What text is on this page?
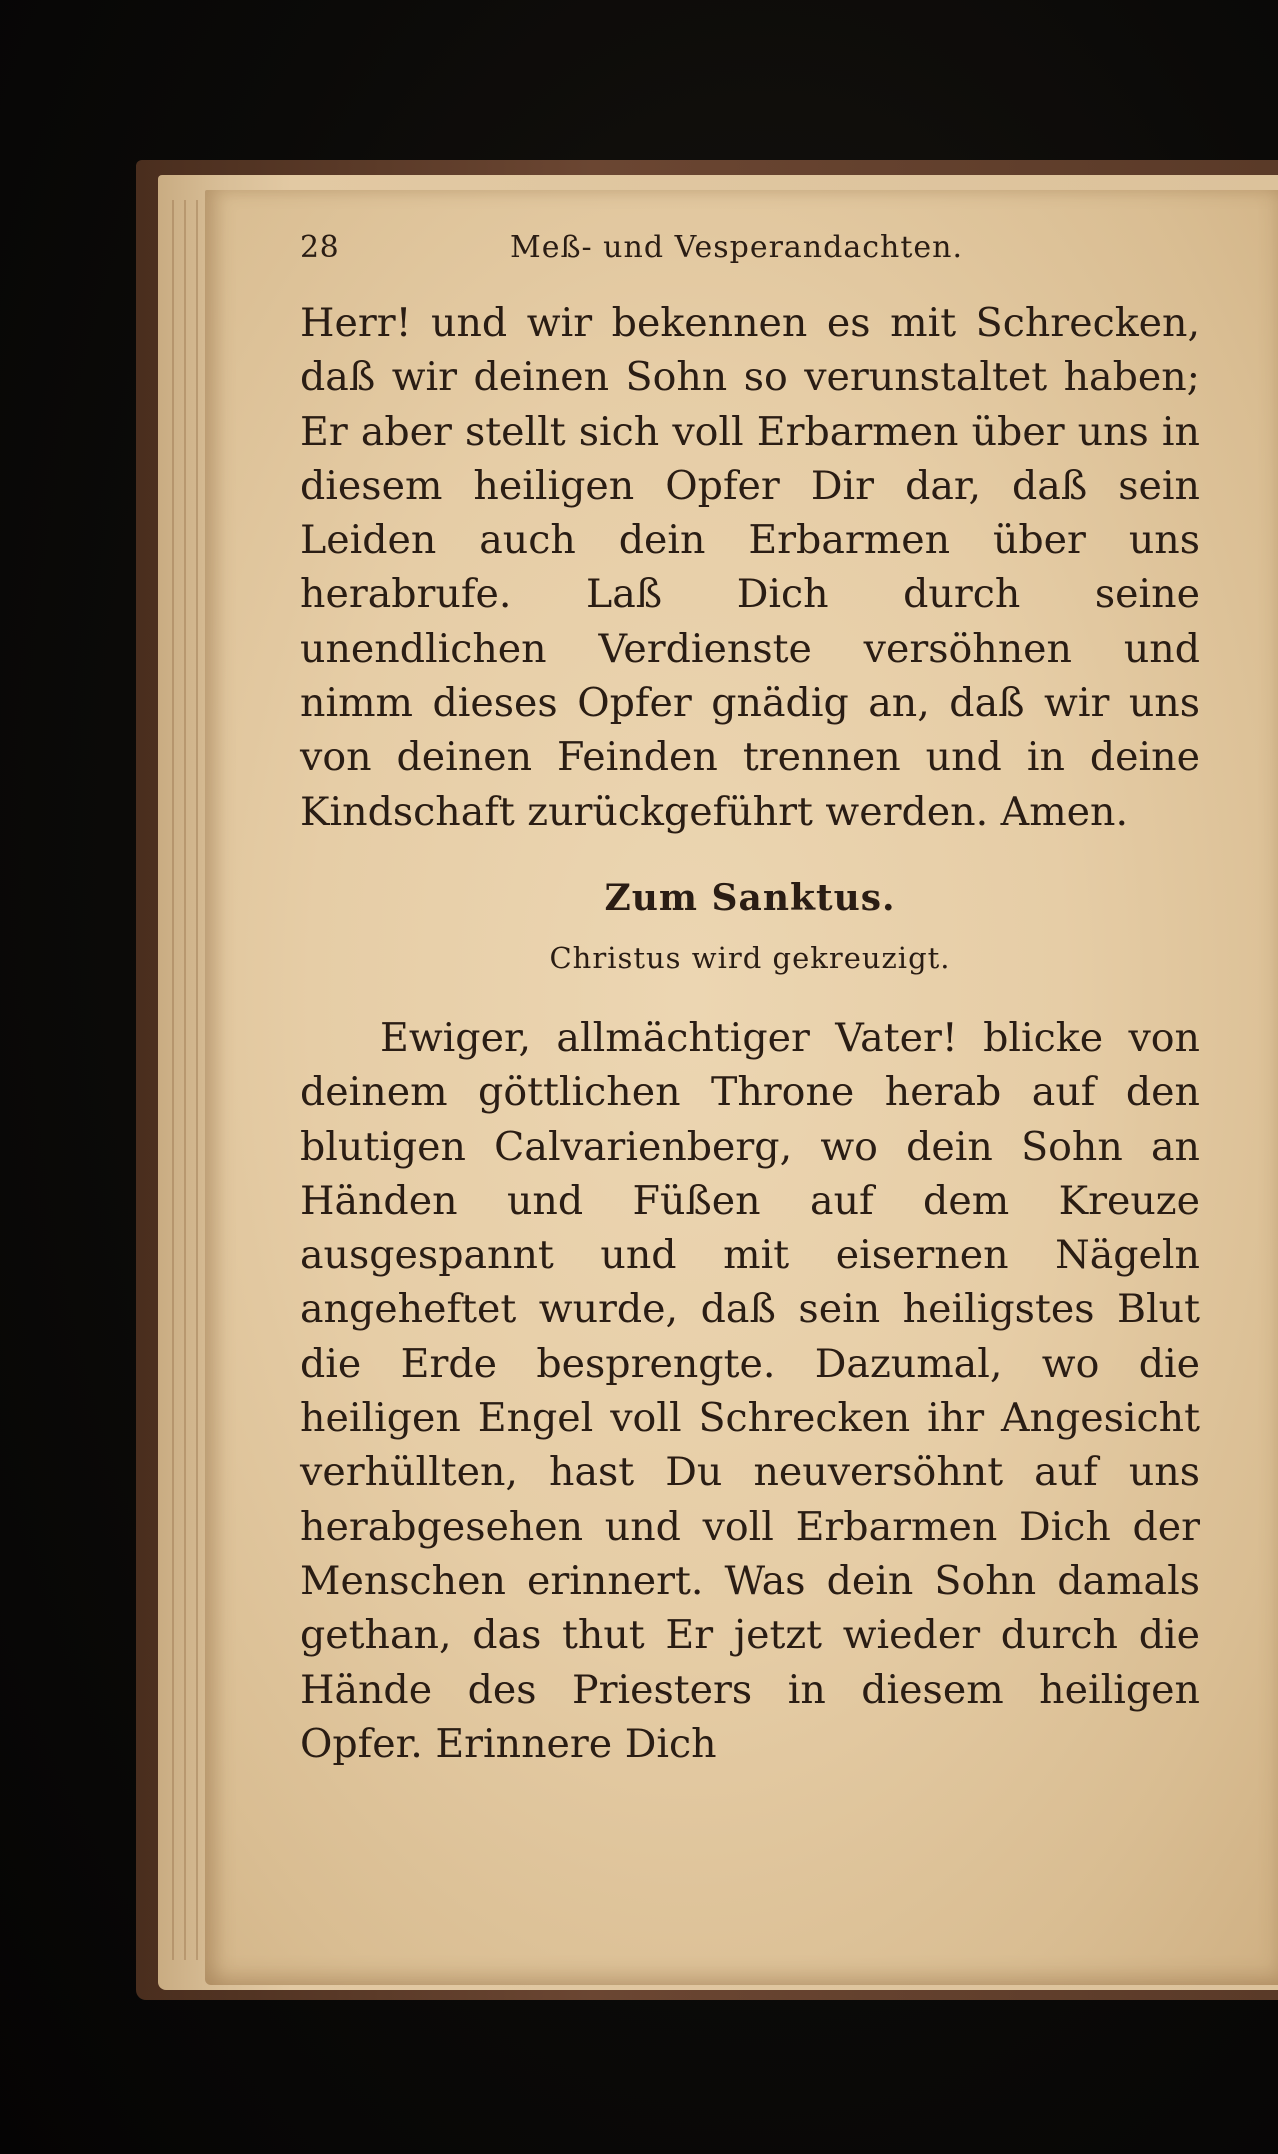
28	Meß- und Vesperandachten.

Herr! und wir bekennen es mit Schrecken, daß wir deinen Sohn so verunstaltet haben; Er aber stellt sich voll Erbarmen über uns in diesem heiligen Opfer Dir dar, daß sein Leiden auch dein Erbarmen über uns herabrufe. Laß Dich durch seine unendlichen Verdienste versöhnen und nimm dieses Opfer gnädig an, daß wir uns von deinen Feinden trennen und in deine Kindschaft zurückgeführt werden. Amen.

Zum Sanktus.
Christus wird gekreuzigt.

Ewiger, allmächtiger Vater! blicke von deinem göttlichen Throne herab auf den blutigen Calvarienberg, wo dein Sohn an Händen und Füßen auf dem Kreuze ausgespannt und mit eisernen Nägeln angeheftet wurde, daß sein heiligstes Blut die Erde besprengte. Dazumal, wo die heiligen Engel voll Schrecken ihr Angesicht verhüllten, hast Du neuversöhnt auf uns herabgesehen und voll Erbarmen Dich der Menschen erinnert. Was dein Sohn damals gethan, das thut Er jetzt wieder durch die Hände des Priesters in diesem heiligen Opfer. Erinnere Dich
